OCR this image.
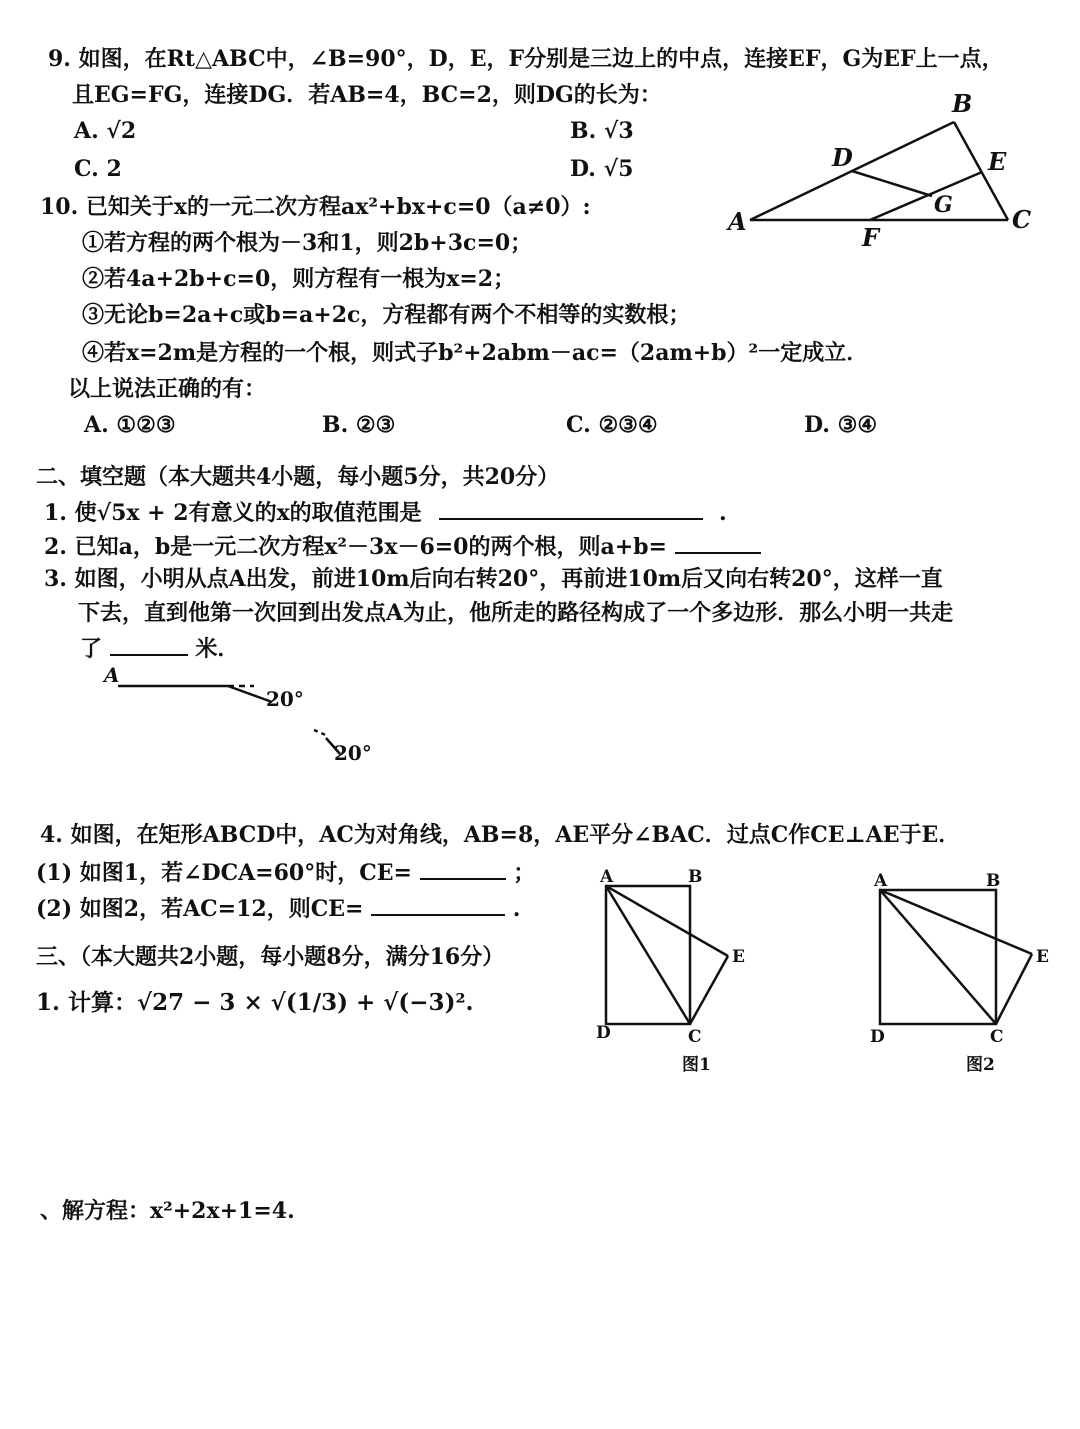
9. 如图，在Rt△ABC中，∠B=90°，D，E，F分别是三边上的中点，连接EF，G为EF上一点，
且EG=FG，连接DG．若AB=4，BC=2，则DG的长为：
A. √2	B. √3
C. 2	D. √5
A
B
C
D	E
F
G
10. 已知关于x的一元二次方程ax²+bx+c=0（a≠0）:
①若方程的两个根为－3和1，则2b+3c=0；
②若4a+2b+c=0，则方程有一根为x=2；
③无论b=2a+c或b=a+2c，方程都有两个不相等的实数根；
④若x=2m是方程的一个根，则式子b²+2abm－ac=（2am+b）²一定成立．
以上说法正确的有：
A. ①②③	B. ②③	C. ②③④	D. ③④
二、填空题（本大题共4小题，每小题5分，共20分）
1. 使√5x + 2有意义的x的取值范围是	.
2. 已知a，b是一元二次方程x²－3x－6=0的两个根，则a+b=
3. 如图，小明从点A出发，前进10m后向右转20°，再前进10m后又向右转20°，这样一直
下去，直到他第一次回到出发点A为止，他所走的路径构成了一个多边形．那么小明一共走
了	米．
A
20°
20°
4. 如图，在矩形ABCD中，AC为对角线，AB=8，AE平分∠BAC．过点C作CE⊥AE于E．
(1) 如图1，若∠DCA=60°时，CE=	；
(2) 如图2，若AC=12，则CE=	.
A	B
C
D
E
图1
A	B
C
D
E
图2
三、（本大题共2小题，每小题8分，满分16分）
1. 计算：√27 − 3 × √(1/3) + √(−3)².
、解方程：x²+2x+1=4.
